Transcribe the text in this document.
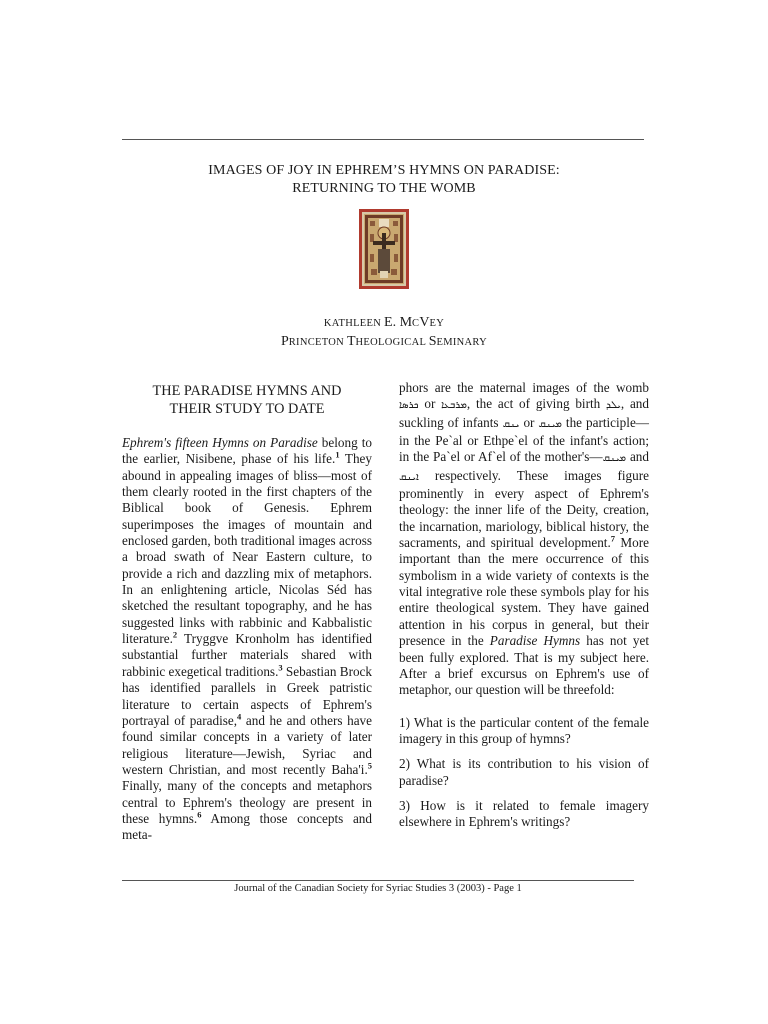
IMAGES OF JOY IN EPHREM’S HYMNS ON PARADISE:
RETURNING TO THE WOMB
KATHLEEN E. MCVEY
PRINCETON THEOLOGICAL SEMINARY
THE PARADISE HYMNS AND
THEIR STUDY TO DATE

Ephrem's fifteen Hymns on Paradise belong to the earlier, Nisibene, phase of his life.$^1$ They abound in appealing images of bliss—most of them clearly rooted in the first chapters of the Biblical book of Genesis. Ephrem superimposes the images of mountain and enclosed garden, both traditional images across a broad swath of Near Eastern culture, to provide a rich and dazzling mix of metaphors. In an enlightening article, Nicolas Séd has sketched the resultant topography, and he has suggested links with rabbinic and Kabbalistic literature.$^2$ Tryggve Kronholm has identified substantial further materials shared with rabbinic exegetical traditions.$^3$ Sebastian Brock has identified parallels in Greek patristic literature to certain aspects of Ephrem's portrayal of paradise,$^4$ and he and others have found similar concepts in a variety of later religious literature—Jewish, Syriac and western Christian, and most recently Baha'i.$^5$ Finally, many of the concepts and metaphors central to Ephrem's theology are present in these hymns.$^6$ Among those concepts and meta-

phors are the maternal images of the womb ܟܪܣܐ or ܡܪܒܥܐ, the act of giving birth ܝܠܕ, and suckling of infants ܝܢܩ or ܡܝܢܩ the participle—in the Pe`al or Ethpe`el of the infant's action; in the Pa`el or Af`el of the mother's—ܡܝܢܩ and ܐܝܢܩ respectively. These images figure prominently in every aspect of Ephrem's theology: the inner life of the Deity, creation, the incarnation, mariology, biblical history, the sacraments, and spiritual development.$^7$ More important than the mere occurrence of this symbolism in a wide variety of contexts is the vital integrative role these symbols play for his entire theological system. They have gained attention in his corpus in general, but their presence in the Paradise Hymns has not yet been fully explored. That is my subject here. After a brief excursus on Ephrem's use of metaphor, our question will be threefold:

1) What is the particular content of the female imagery in this group of hymns?

2) What is its contribution to his vision of paradise?

3) How is it related to female imagery elsewhere in Ephrem's writings?

Journal of the Canadian Society for Syriac Studies 3 (2003) - Page 1
